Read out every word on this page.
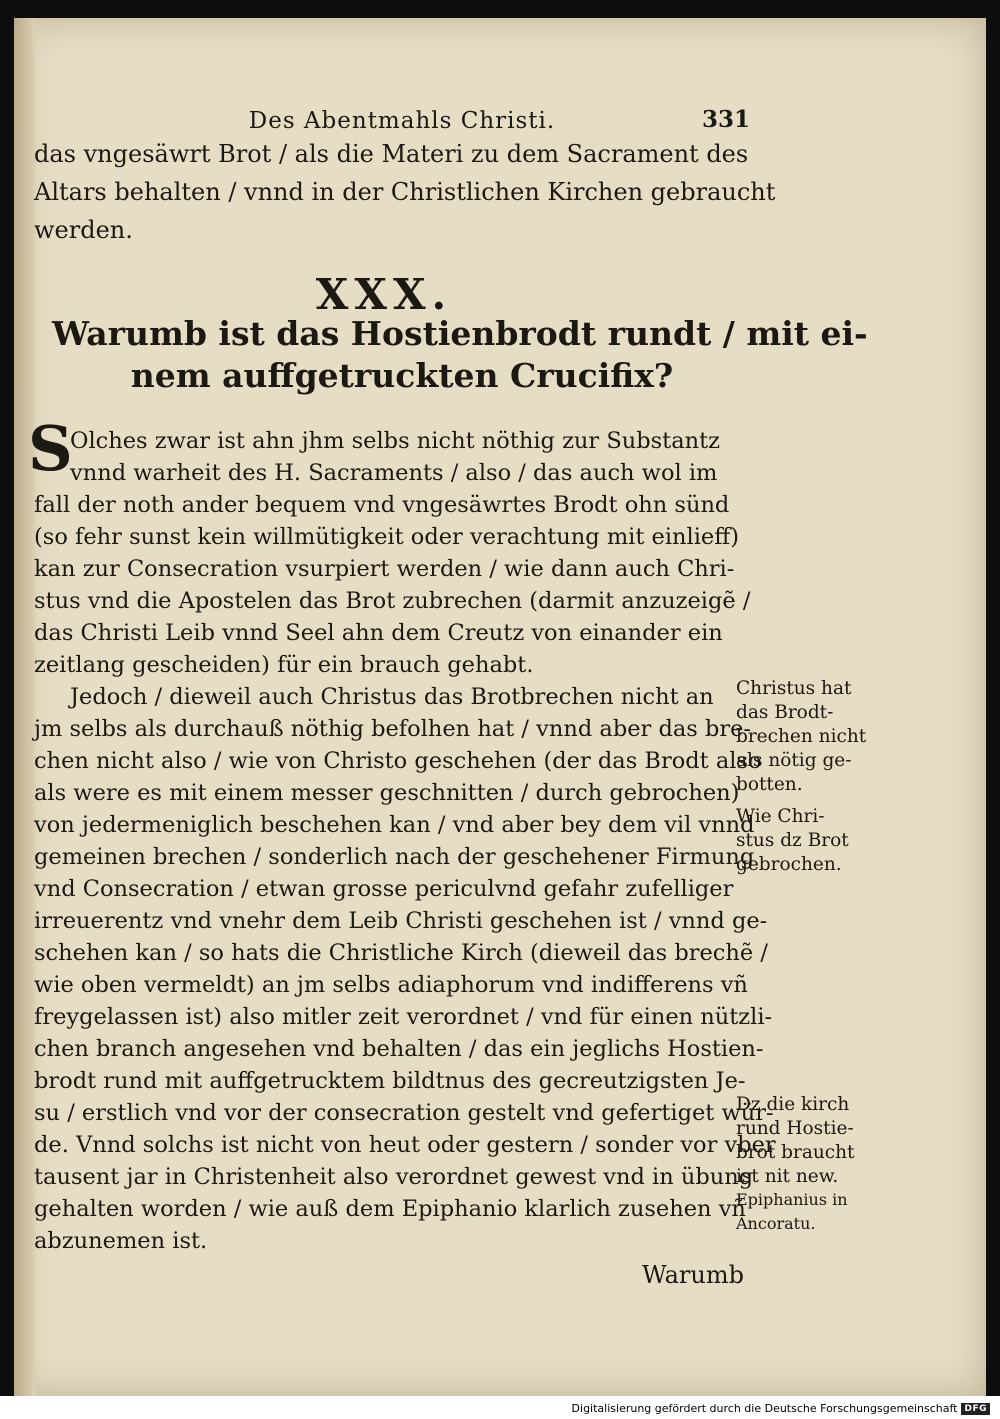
Des Abentmahls Christi.	331
das vngesäwrt Brot / als die Materi zu dem Sacrament des
Altars behalten / vnnd in der Christlichen Kirchen gebraucht
werden.
XXX.
Warumb ist das Hostienbrodt rundt / mit ei-
nem auffgetruckten Crucifix?
S
Olches zwar ist ahn jhm selbs nicht nöthig zur Substantz
vnnd warheit des H. Sacraments / also / das auch wol im
fall der noth ander bequem vnd vngesäwrtes Brodt ohn sünd
(so fehr sunst kein willmütigkeit oder verachtung mit einlieff)
kan zur Consecration vsurpiert werden / wie dann auch Chri-
stus vnd die Apostelen das Brot zubrechen (darmit anzuzeigẽ /
das Christi Leib vnnd Seel ahn dem Creutz von einander ein
zeitlang gescheiden) für ein brauch gehabt.
Jedoch / dieweil auch Christus das Brotbrechen nicht an
jm selbs als durchauß nöthig befolhen hat / vnnd aber das bre-
chen nicht also / wie von Christo geschehen (der das Brodt also
als were es mit einem messer geschnitten / durch gebrochen)
von jedermeniglich beschehen kan / vnd aber bey dem vil vnnd
gemeinen brechen / sonderlich nach der geschehener Firmung
vnd Consecration / etwan grosse periculvnd gefahr zufelliger
irreuerentz vnd vnehr dem Leib Christi geschehen ist / vnnd ge-
schehen kan / so hats die Christliche Kirch (dieweil das brechẽ /
wie oben vermeldt) an jm selbs adiaphorum vnd indifferens vñ
freygelassen ist) also mitler zeit verordnet / vnd für einen nützli-
chen branch angesehen vnd behalten / das ein jeglichs Hostien-
brodt rund mit auffgetrucktem bildtnus des gecreutzigsten Je-
su / erstlich vnd vor der consecration gestelt vnd gefertiget wür-
de. Vnnd solchs ist nicht von heut oder gestern / sonder vor vber
tausent jar in Christenheit also verordnet gewest vnd in übung
gehalten worden / wie auß dem Epiphanio klarlich zusehen vñ
abzunemen ist.
Christus hat
das Brodt-
brechen nicht
als nötig ge-
botten.
Wie Chri-
stus dz Brot
gebrochen.
Dz die kirch
rund Hostie-
brot braucht
ist nit new.
Epiphanius in
Ancoratu.
Warumb
Digitalisierung gefördert durch die Deutsche Forschungsgemeinschaft DFG
